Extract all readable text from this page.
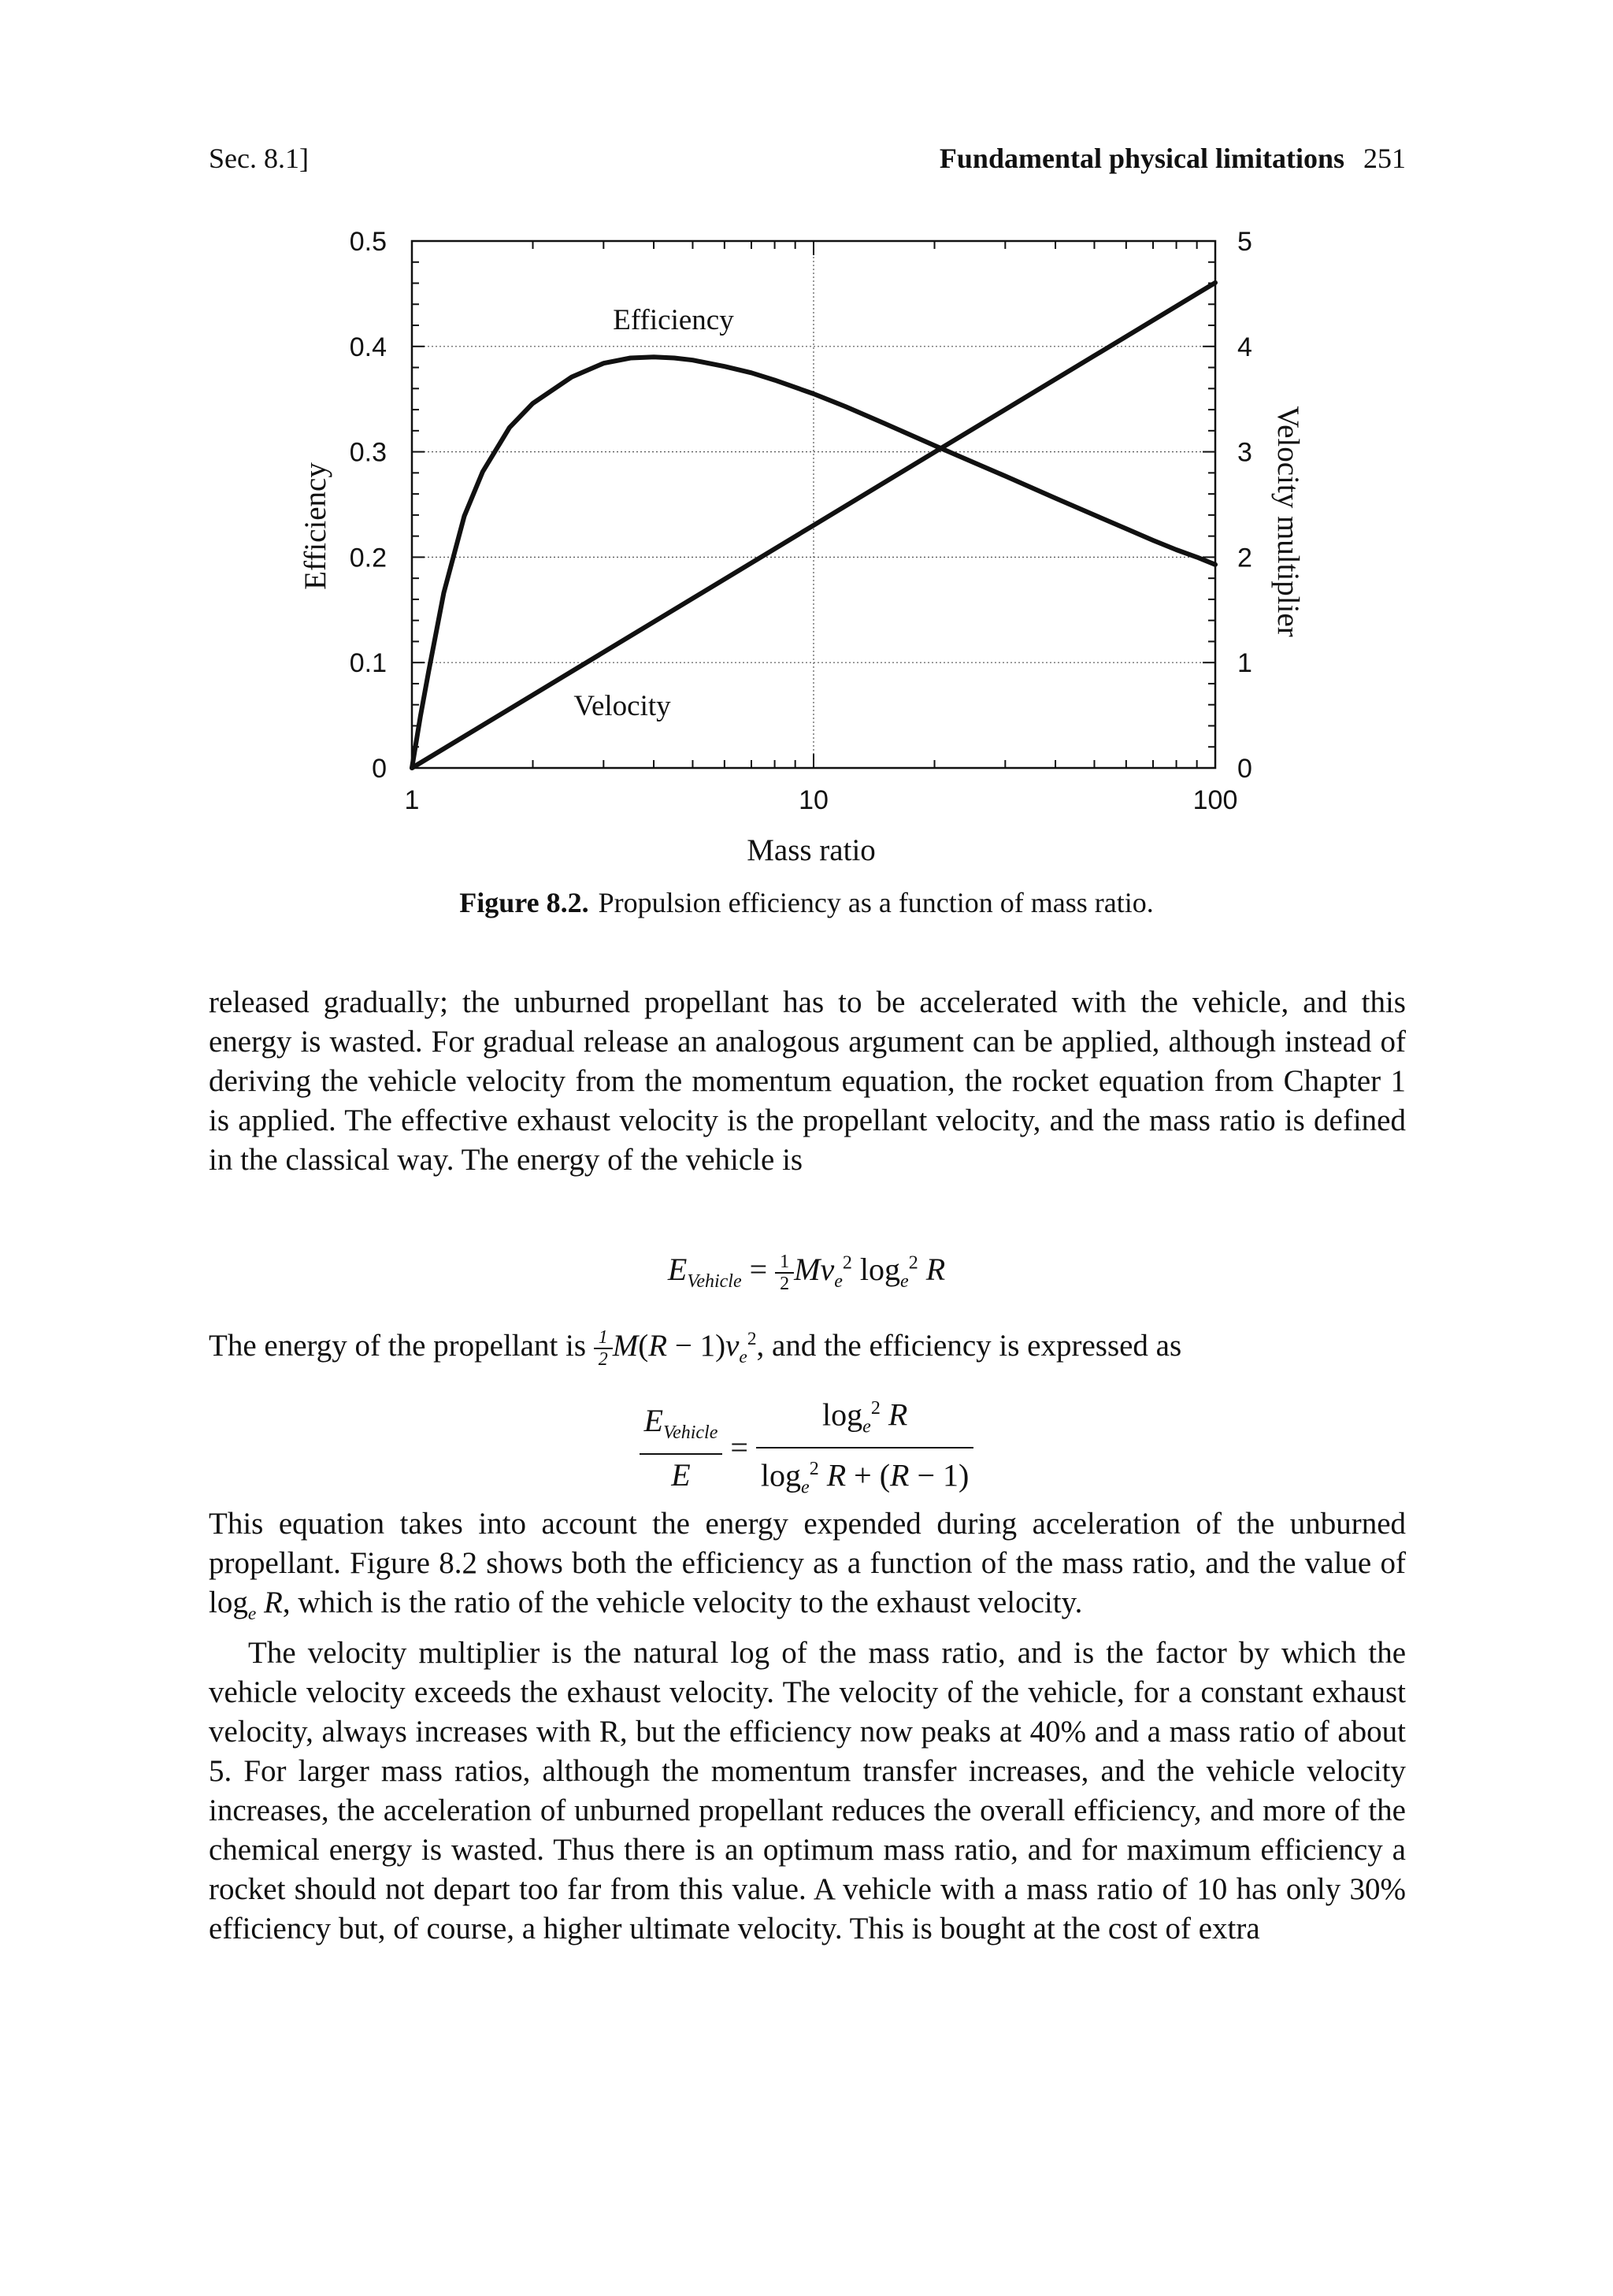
Sec. 8.1]	Fundamental physical limitations 251
0
0.1
0.2
0.3
0.4
0.5
0
1
2
3
4
5
1	10	100
Efficiency
Velocity
Mass ratio
Efficiency	Velocity multiplier
Figure 8.2. Propulsion efficiency as a function of mass ratio.

released gradually; the unburned propellant has to be accelerated with the vehicle, and this energy is wasted. For gradual release an analogous argument can be applied, although instead of deriving the vehicle velocity from the momentum equation, the rocket equation from Chapter 1 is applied. The effective exhaust velocity is the propellant velocity, and the mass ratio is defined in the classical way. The energy of the vehicle is

$E_{Vehicle} = \frac{1}{2} Mv_e^2$ $\log_e^2 R$
The energy of the propellant is $\frac{1}{2} M(R - 1)v_e^2$, and the efficiency is expressed as
$\frac{E_{Vehicle}}{E} = \frac{\log_e^2 R}{\log_e^2 R + (R - 1)}$

This equation takes into account the energy expended during acceleration of the unburned propellant. Figure 8.2 shows both the efficiency as a function of the mass ratio, and the value of $\log_e R$, which is the ratio of the vehicle velocity to the exhaust velocity.

The velocity multiplier is the natural log of the mass ratio, and is the factor by which the vehicle velocity exceeds the exhaust velocity. The velocity of the vehicle, for a constant exhaust velocity, always increases with R, but the efficiency now peaks at 40% and a mass ratio of about 5. For larger mass ratios, although the momentum transfer increases, and the vehicle velocity increases, the acceleration of unburned propellant reduces the overall efficiency, and more of the chemical energy is wasted. Thus there is an optimum mass ratio, and for maximum efficiency a rocket should not depart too far from this value. A vehicle with a mass ratio of 10 has only 30% efficiency but, of course, a higher ultimate velocity. This is bought at the cost of extra
